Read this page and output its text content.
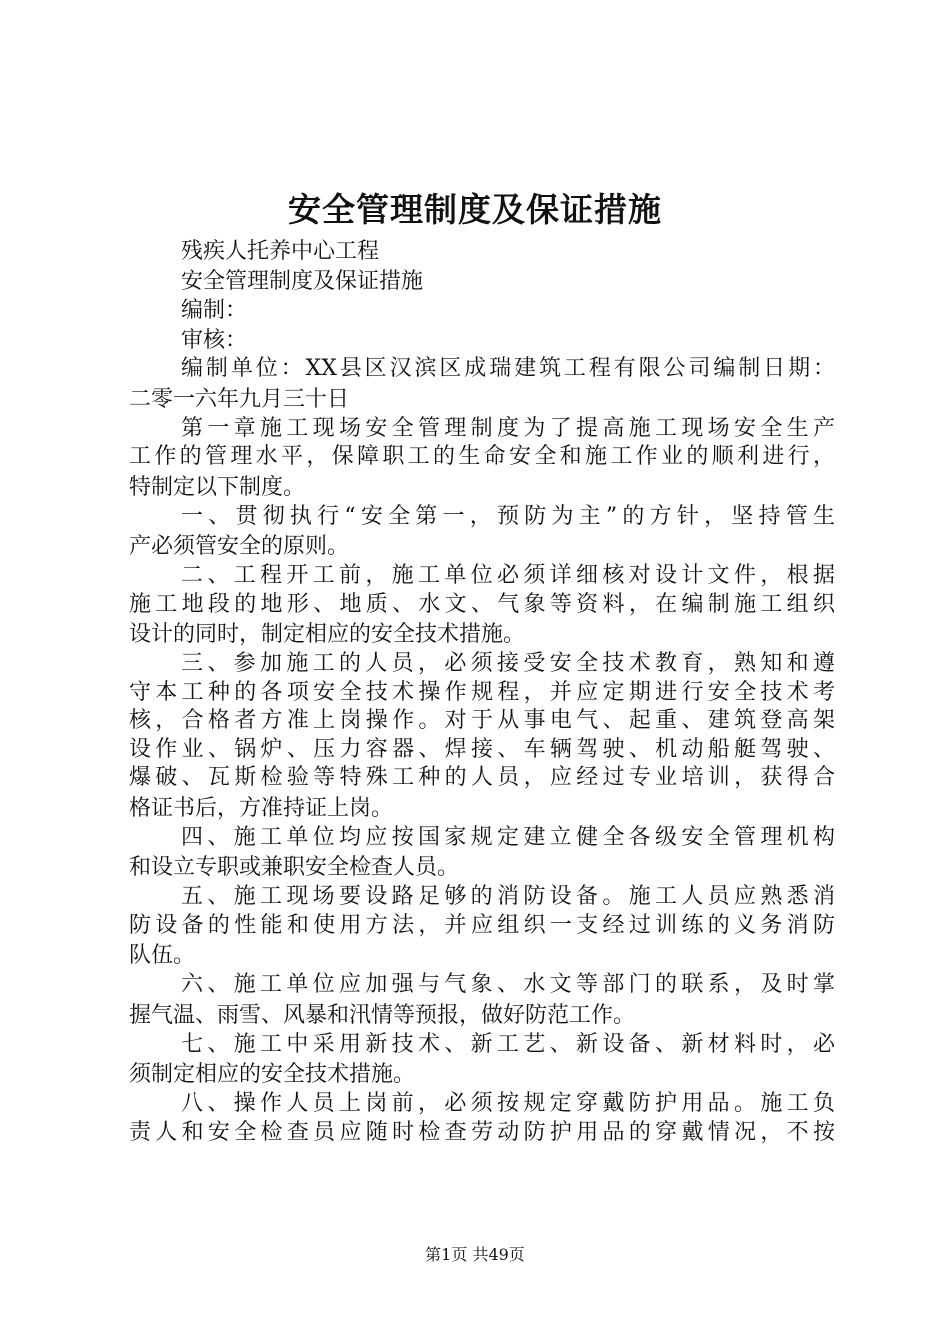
安全管理制度及保证措施
残疾人托养中心工程
安全管理制度及保证措施
编制：
审核：
编制单位：XX县区汉滨区成瑞建筑工程有限公司编制日期：
二零一六年九月三十日
第一章施工现场安全管理制度为了提高施工现场安全生产
工作的管理水平，保障职工的生命安全和施工作业的顺利进行，
特制定以下制度。
一、贯彻执行“安全第一，预防为主”的方针，坚持管生
产必须管安全的原则。
二、工程开工前，施工单位必须详细核对设计文件，根据
施工地段的地形、地质、水文、气象等资料，在编制施工组织
设计的同时，制定相应的安全技术措施。
三、参加施工的人员，必须接受安全技术教育，熟知和遵
守本工种的各项安全技术操作规程，并应定期进行安全技术考
核，合格者方准上岗操作。对于从事电气、起重、建筑登高架
设作业、锅炉、压力容器、焊接、车辆驾驶、机动船艇驾驶、
爆破、瓦斯检验等特殊工种的人员，应经过专业培训，获得合
格证书后，方准持证上岗。
四、施工单位均应按国家规定建立健全各级安全管理机构
和设立专职或兼职安全检查人员。
五、施工现场要设路足够的消防设备。施工人员应熟悉消
防设备的性能和使用方法，并应组织一支经过训练的义务消防
队伍。
六、施工单位应加强与气象、水文等部门的联系，及时掌
握气温、雨雪、风暴和汛情等预报，做好防范工作。
七、施工中采用新技术、新工艺、新设备、新材料时，必
须制定相应的安全技术措施。
八、操作人员上岗前，必须按规定穿戴防护用品。施工负
责人和安全检查员应随时检查劳动防护用品的穿戴情况，不按
第1页 共49页
